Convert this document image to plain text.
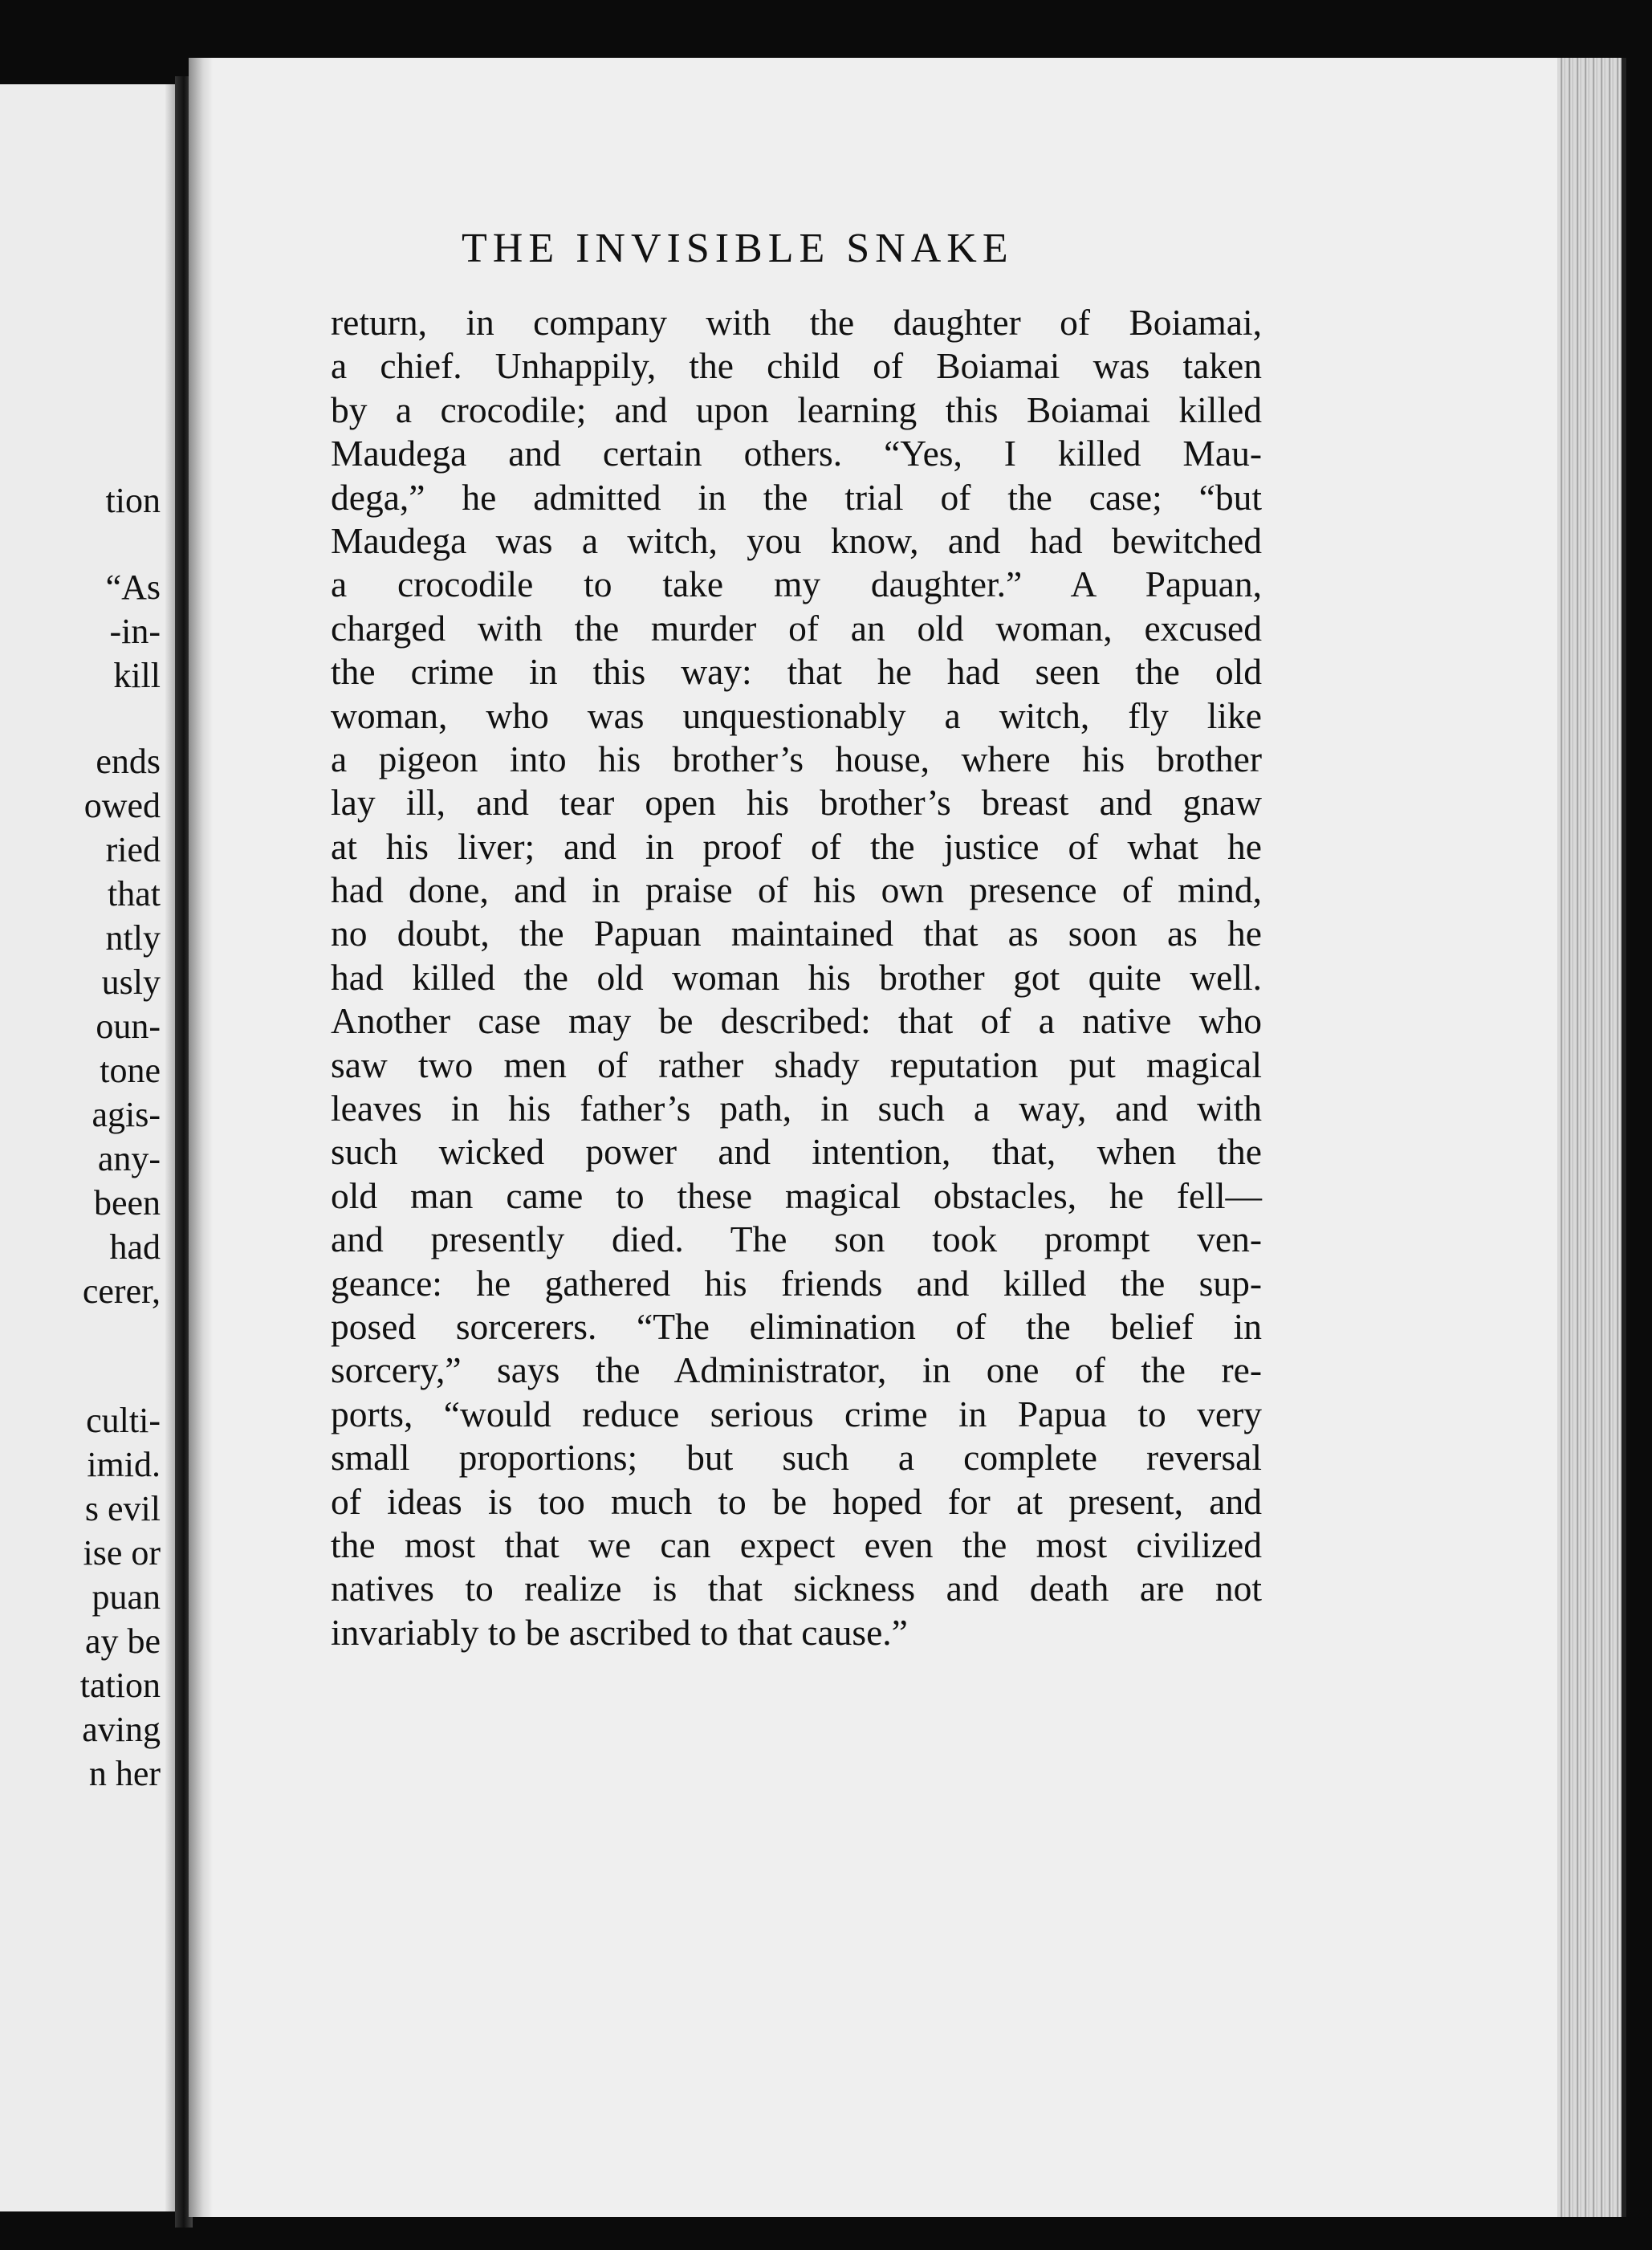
tion
“As
-in-
kill
ends
owed
ried
that
ntly
usly
oun-
tone
agis-
any-
been
had
cerer,
culti-
imid.
s evil
ise or
puan
ay be
tation
aving
n her
THE INVISIBLE SNAKE
return, in company with the daughter of Boiamai,
a chief. Unhappily, the child of Boiamai was taken
by a crocodile; and upon learning this Boiamai killed
Maudega and certain others. “Yes, I killed Mau-
dega,” he admitted in the trial of the case; “but
Maudega was a witch, you know, and had bewitched
a crocodile to take my daughter.” A Papuan,
charged with the murder of an old woman, excused
the crime in this way: that he had seen the old
woman, who was unquestionably a witch, fly like
a pigeon into his brother’s house, where his brother
lay ill, and tear open his brother’s breast and gnaw
at his liver; and in proof of the justice of what he
had done, and in praise of his own presence of mind,
no doubt, the Papuan maintained that as soon as he
had killed the old woman his brother got quite well.
Another case may be described: that of a native who
saw two men of rather shady reputation put magical
leaves in his father’s path, in such a way, and with
such wicked power and intention, that, when the
old man came to these magical obstacles, he fell—
and presently died. The son took prompt ven-
geance: he gathered his friends and killed the sup-
posed sorcerers. “The elimination of the belief in
sorcery,” says the Administrator, in one of the re-
ports, “would reduce serious crime in Papua to very
small proportions; but such a complete reversal
of ideas is too much to be hoped for at present, and
the most that we can expect even the most civilized
natives to realize is that sickness and death are not
invariably to be ascribed to that cause.”
